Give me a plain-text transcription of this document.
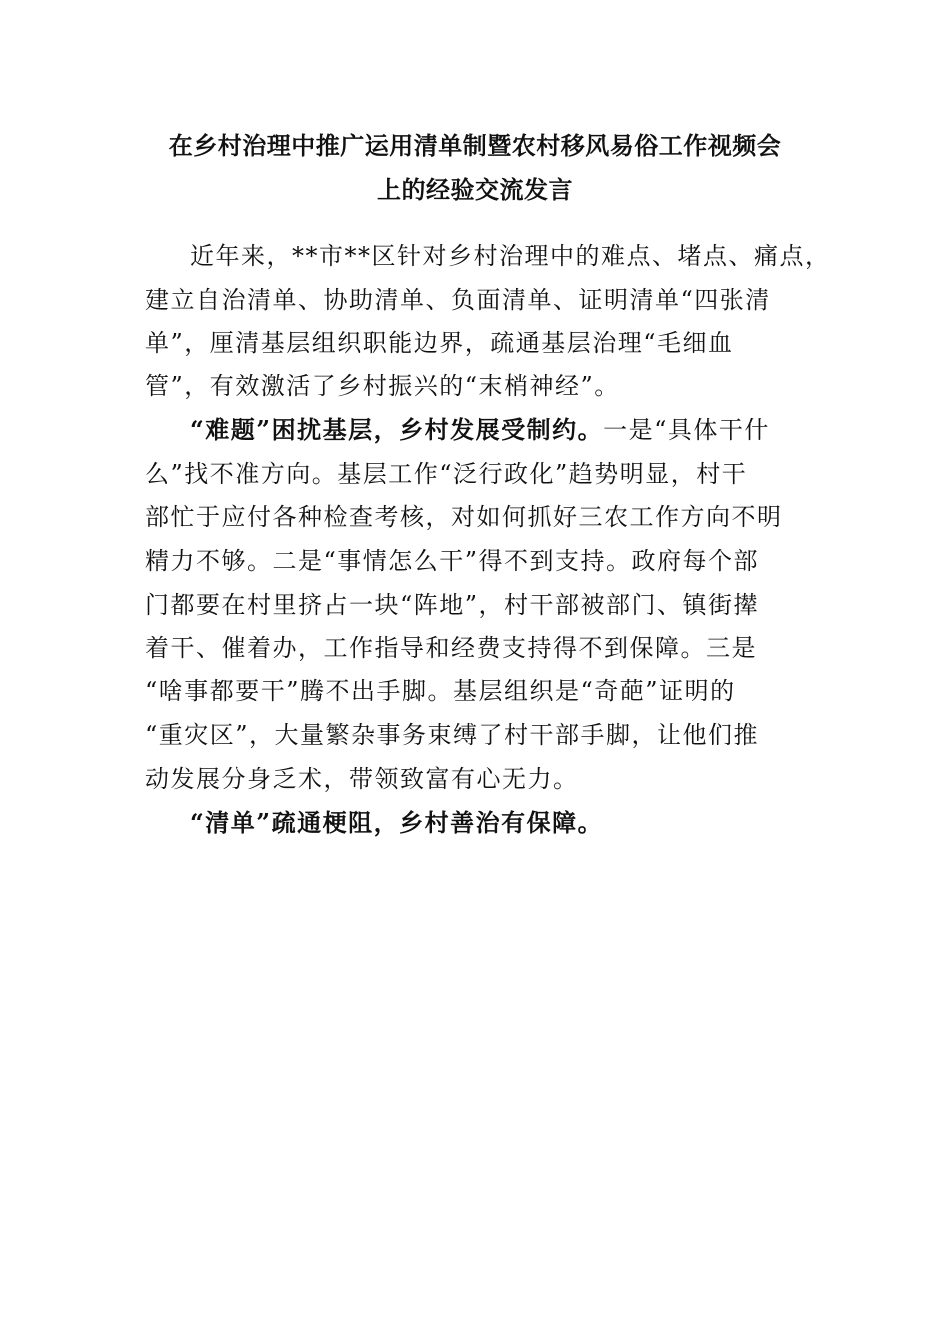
在乡村治理中推广运用清单制暨农村移风易俗工作视频会
上的经验交流发言
近年来，**市**区针对乡村治理中的难点、堵点、痛点，
建立自治清单、协助清单、负面清单、证明清单“四张清
单”，厘清基层组织职能边界，疏通基层治理“毛细血
管”，有效激活了乡村振兴的“末梢神经”。
“难题”困扰基层，乡村发展受制约。一是“具体干什
么”找不准方向。基层工作“泛行政化”趋势明显，村干
部忙于应付各种检查考核，对如何抓好三农工作方向不明
精力不够。二是“事情怎么干”得不到支持。政府每个部
门都要在村里挤占一块“阵地”，村干部被部门、镇街撵
着干、催着办，工作指导和经费支持得不到保障。三是
“啥事都要干”腾不出手脚。基层组织是“奇葩”证明的
“重灾区”，大量繁杂事务束缚了村干部手脚，让他们推
动发展分身乏术，带领致富有心无力。
“清单”疏通梗阻，乡村善治有保障。
